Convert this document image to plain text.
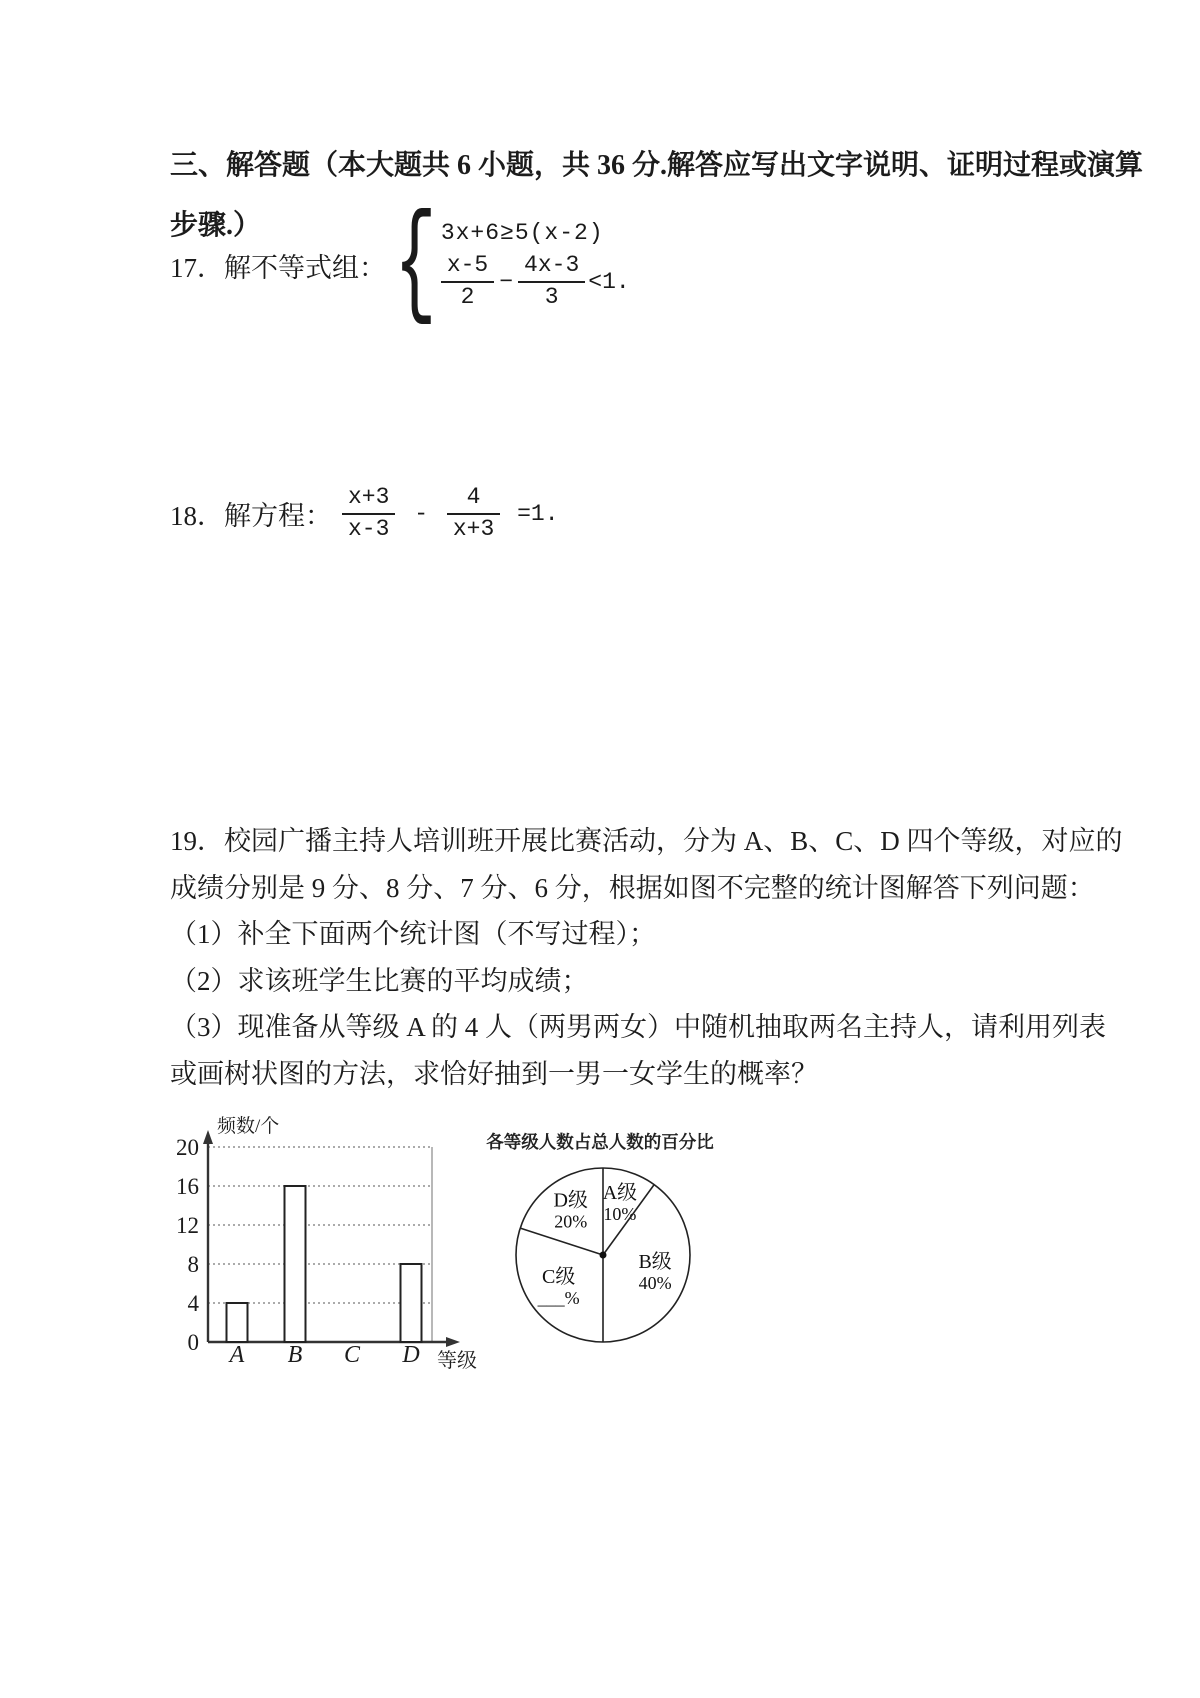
三、解答题（本大题共 6 小题，共 36 分.解答应写出文字说明、证明过程或演算
步骤.）
17． 解不等式组： { 3x+6≥5(x-2)
$\frac{x-5}{2} - \frac{4x-3}{3} <1$.
18． 解方程： $\frac{x+3}{x-3} - \frac{4}{x+3} =1$.
19．校园广播主持人培训班开展比赛活动，分为 A、B、C、D 四个等级，对应的
成绩分别是 9 分、8 分、7 分、6 分，根据如图不完整的统计图解答下列问题：
（1）补全下面两个统计图（不写过程）；
（2）求该班学生比赛的平均成绩；
（3）现准备从等级 A 的 4 人（两男两女）中随机抽取两名主持人，请利用列表
或画树状图的方法，求恰好抽到一男一女学生的概率？
0
4
8
12
16
20
A B C D
频数/个
等级
各等级人数占总人数的百分比
A级
10%
B级
40%
C级
___%
D级
20%
